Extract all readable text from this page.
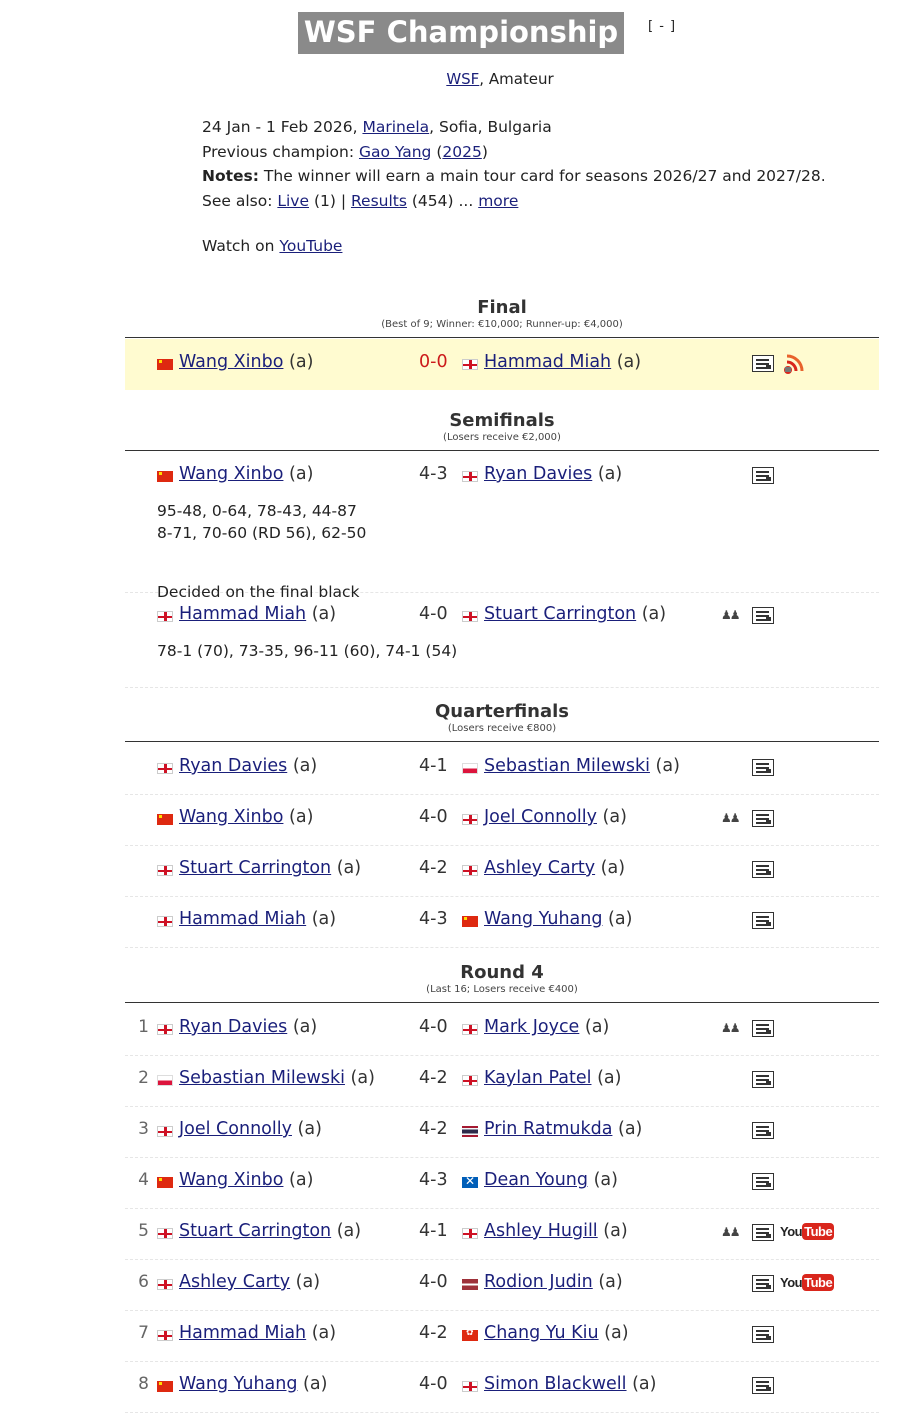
WSF Championship	[ - ]
WSF, Amateur
24 Jan - 1 Feb 2026, Marinela, Sofia, Bulgaria
Previous champion: Gao Yang (2025)
Notes: The winner will earn a main tour card for seasons 2026/27 and 2027/28.
See also: Live (1) | Results (454) ... more
Watch on YouTube
Final
(Best of 9; Winner: €10,000; Runner-up: €4,000)
Wang Xinbo (a)	0-0	Hammad Miah (a)
Semifinals
(Losers receive €2,000)
Wang Xinbo (a)	4-3	Ryan Davies (a)
95-48, 0-64, 78-43, 44-87
8-71, 70-60 (RD 56), 62-50
Decided on the final black
Hammad Miah (a)	4-0	Stuart Carrington (a)	♟♟
78-1 (70), 73-35, 96-11 (60), 74-1 (54)
Quarterfinals
(Losers receive €800)
Ryan Davies (a)	4-1	Sebastian Milewski (a)
Wang Xinbo (a)	4-0	Joel Connolly (a)	♟♟
Stuart Carrington (a)	4-2	Ashley Carty (a)
Hammad Miah (a)	4-3	Wang Yuhang (a)
Round 4
(Last 16; Losers receive €400)
1	Ryan Davies (a)	4-0	Mark Joyce (a)	♟♟
2	Sebastian Milewski (a)	4-2	Kaylan Patel (a)
3	Joel Connolly (a)	4-2	Prin Ratmukda (a)
4	Wang Xinbo (a)	4-3 ✕	Dean Young (a)
5	Stuart Carrington (a)	4-1	Ashley Hugill (a)	♟♟	You Tube
6	Ashley Carty (a)	4-0	Rodion Judin (a)	You Tube
7	Hammad Miah (a)	4-2 ✿	Chang Yu Kiu (a)
8	Wang Yuhang (a)	4-0	Simon Blackwell (a)
